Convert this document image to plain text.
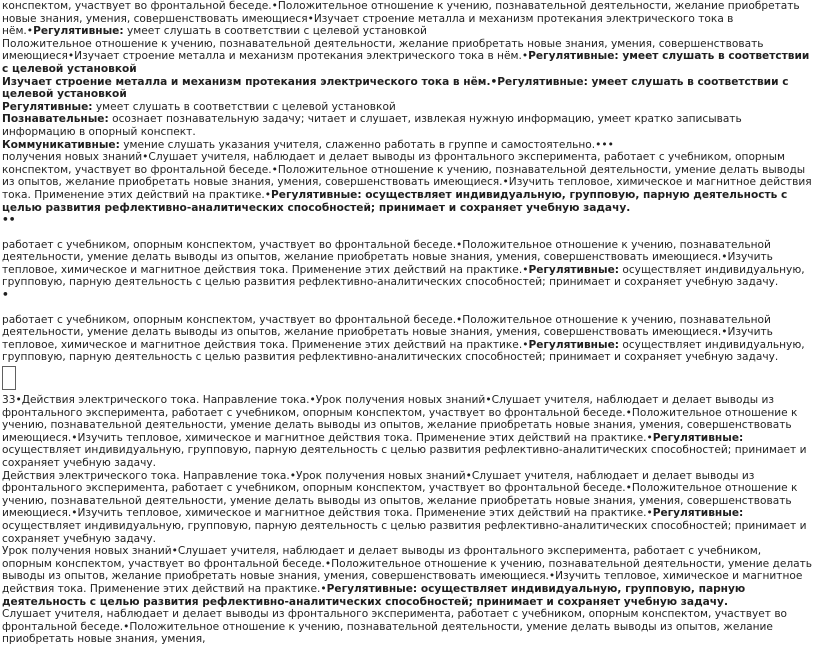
конспектом, участвует во фронтальной беседе.•Положительное отношение к учению, познавательной деятельности, желание приобретать новые знания, умения, совершенствовать имеющиеся•Изучает строение металла и механизм протекания электрического тока в нём.•Регулятивные: умеет слушать в соответствии с целевой установкой

Положительное отношение к учению, познавательной деятельности, желание приобретать новые знания, умения, совершенствовать имеющиеся•Изучает строение металла и механизм протекания электрического тока в нём.•Регулятивные: умеет слушать в соответствии с целевой установкой

Изучает строение металла и механизм протекания электрического тока в нём.•Регулятивные: умеет слушать в соответствии с целевой установкой

Регулятивные: умеет слушать в соответствии с целевой установкой

Познавательные: осознает познавательную задачу; читает и слушает, извлекая нужную информацию, умеет кратко записывать информацию в опорный конспект.

Коммуникативные: умение слушать указания учителя, слаженно работать в группе и самостоятельно.•••

получения новых знаний•Слушает учителя, наблюдает и делает выводы из фронтального эксперимента, работает с учебником, опорным конспектом, участвует во фронтальной беседе.•Положительное отношение к учению, познавательной деятельности, умение делать выводы из опытов, желание приобретать новые знания, умения, совершенствовать имеющиеся.•Изучить тепловое, химическое и магнитное действия тока. Применение этих действий на практике.•Регулятивные: осуществляет индивидуальную, групповую, парную деятельность с целью развития рефлективно-аналитических способностей; принимает и сохраняет учебную задачу.

••

работает с учебником, опорным конспектом, участвует во фронтальной беседе.•Положительное отношение к учению, познавательной деятельности, умение делать выводы из опытов, желание приобретать новые знания, умения, совершенствовать имеющиеся.•Изучить тепловое, химическое и магнитное действия тока. Применение этих действий на практике.•Регулятивные: осуществляет индивидуальную, групповую, парную деятельность с целью развития рефлективно-аналитических способностей; принимает и сохраняет учебную задачу.

•

работает с учебником, опорным конспектом, участвует во фронтальной беседе.•Положительное отношение к учению, познавательной деятельности, умение делать выводы из опытов, желание приобретать новые знания, умения, совершенствовать имеющиеся.•Изучить тепловое, химическое и магнитное действия тока. Применение этих действий на практике.•Регулятивные: осуществляет индивидуальную, групповую, парную деятельность с целью развития рефлективно-аналитических способностей; принимает и сохраняет учебную задачу.

33•Действия электрического тока. Направление тока.•Урок получения новых знаний•Слушает учителя, наблюдает и делает выводы из фронтального эксперимента, работает с учебником, опорным конспектом, участвует во фронтальной беседе.•Положительное отношение к учению, познавательной деятельности, умение делать выводы из опытов, желание приобретать новые знания, умения, совершенствовать имеющиеся.•Изучить тепловое, химическое и магнитное действия тока. Применение этих действий на практике.•Регулятивные: осуществляет индивидуальную, групповую, парную деятельность с целью развития рефлективно-аналитических способностей; принимает и сохраняет учебную задачу.

Действия электрического тока. Направление тока.•Урок получения новых знаний•Слушает учителя, наблюдает и делает выводы из фронтального эксперимента, работает с учебником, опорным конспектом, участвует во фронтальной беседе.•Положительное отношение к учению, познавательной деятельности, умение делать выводы из опытов, желание приобретать новые знания, умения, совершенствовать имеющиеся.•Изучить тепловое, химическое и магнитное действия тока. Применение этих действий на практике.•Регулятивные: осуществляет индивидуальную, групповую, парную деятельность с целью развития рефлективно-аналитических способностей; принимает и сохраняет учебную задачу.

Урок получения новых знаний•Слушает учителя, наблюдает и делает выводы из фронтального эксперимента, работает с учебником, опорным конспектом, участвует во фронтальной беседе.•Положительное отношение к учению, познавательной деятельности, умение делать выводы из опытов, желание приобретать новые знания, умения, совершенствовать имеющиеся.•Изучить тепловое, химическое и магнитное действия тока. Применение этих действий на практике.•Регулятивные: осуществляет индивидуальную, групповую, парную деятельность с целью развития рефлективно-аналитических способностей; принимает и сохраняет учебную задачу.

Слушает учителя, наблюдает и делает выводы из фронтального эксперимента, работает с учебником, опорным конспектом, участвует во фронтальной беседе.•Положительное отношение к учению, познавательной деятельности, умение делать выводы из опытов, желание приобретать новые знания, умения,
